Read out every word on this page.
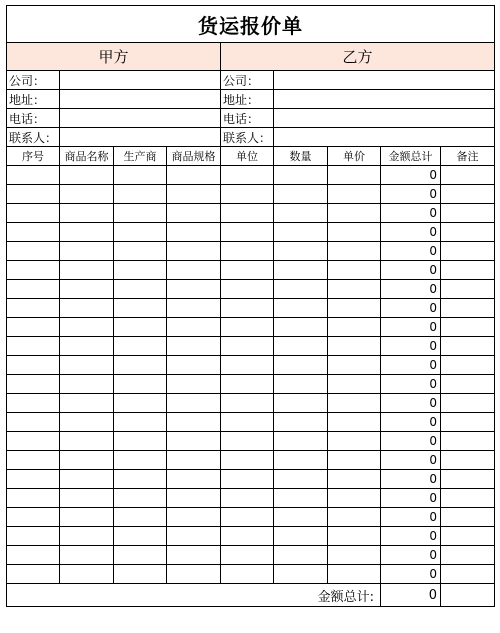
货运报价单								
甲方				乙方				
公司：				公司：				
地址：				地址：				
电话：				电话：				
联系人：				联系人：				
序号	商品名称	生产商	商品规格	单位	数量	单价	金额总计	备注
							0	
							0	
							0	
							0	
							0	
							0	
							0	
							0	
							0	
							0	
							0	
							0	
							0	
							0	
							0	
							0	
							0	
							0	
							0	
							0	
							0	
							0	
金额总计:							0	
